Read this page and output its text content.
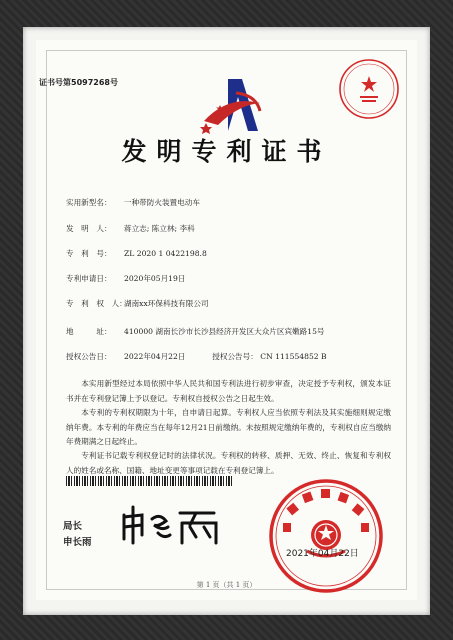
证书号第5097268号
发明专利证书
实用新型名： 一种带防火装置电动车
发　明　人： 蒋立志; 陈立林; 李科
专　利　号： ZL 2020 1 0422198.8
专利申请日： 2020年05月19日
专　利　权　人：湖南xx环保科技有限公司
地　　　址： 410000 湖南长沙市长沙县经济开发区大众片区宾嫩路15号
授权公告日： 2022年04月22日	授权公告号： CN 111554852 B
本实用新型经过本局依照中华人民共和国专利法进行初步审查，决定授予专利权，颁发本证书并在专利登记簿上予以登记。专利权自授权公告之日起生效。
本专利的专利权期限为十年，自申请日起算。专利权人应当依照专利法及其实施细则规定缴纳年费。本专利的年费应当在每年12月21日前缴纳。未按照规定缴纳年费的，专利权自应当缴纳年费期满之日起终止。
专利证书记载专利权登记时的法律状况。专利权的转移、质押、无效、终止、恢复和专利权人的姓名或名称、国籍、地址变更等事项记载在专利登记簿上。
局长
申长雨
2021年04月22日
第 1 页（共 1 页）
